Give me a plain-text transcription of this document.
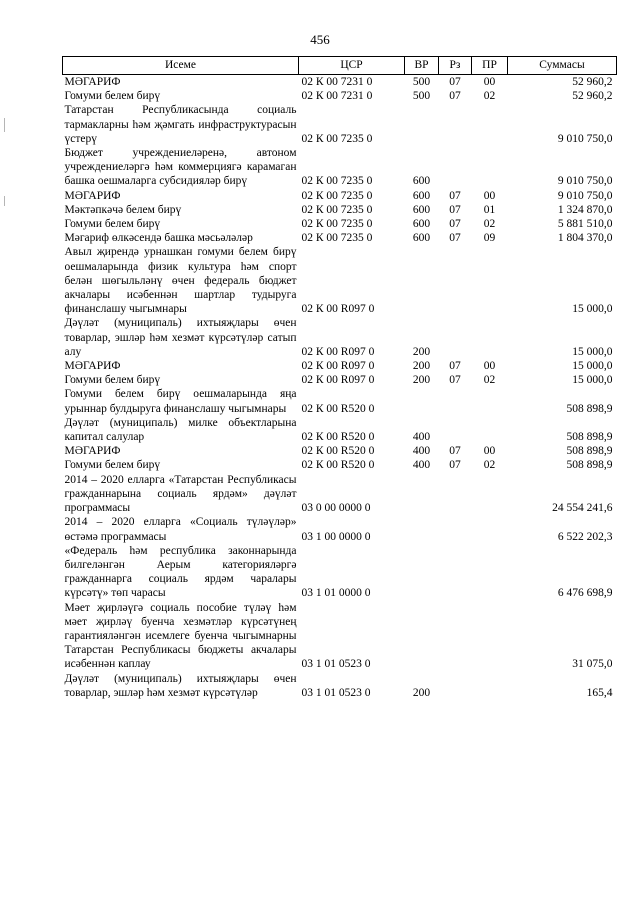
456
Исеме	ЦСР	ВР	Рз	ПР	Суммасы
МӘГАРИФ	02 К 00 7231 0	500	07	00	52 960,2
Гомуми белем бирү	02 К 00 7231 0	500	07	02	52 960,2
Татарстан Республикасында социаль тармакларны һәм җәмгать инфраструктурасын үстерү	02 К 00 7235 0				9 010 750,0
Бюджет учреждениеләренә, автоном учреждениеләргә һәм коммерциягә карамаган башка оешмаларга субсидияләр бирү	02 К 00 7235 0	600			9 010 750,0
МӘГАРИФ	02 К 00 7235 0	600	07	00	9 010 750,0
Мәктәпкәчә белем бирү	02 К 00 7235 0	600	07	01	1 324 870,0
Гомуми белем бирү	02 К 00 7235 0	600	07	02	5 881 510,0
Мәгариф өлкәсендә башка мәсьәләләр	02 К 00 7235 0	600	07	09	1 804 370,0
Авыл җирендә урнашкан гомуми белем бирү оешмаларында физик культура һәм спорт белән шөгыльләнү өчен федераль бюджет акчалары исәбеннән шартлар тудыруга финанслашу чыгымнары	02 К 00 R097 0				15 000,0
Дәүләт (муниципаль) ихтыяҗлары өчен товарлар, эшләр һәм хезмәт күрсәтүләр сатып алу	02 К 00 R097 0	200			15 000,0
МӘГАРИФ	02 К 00 R097 0	200	07	00	15 000,0
Гомуми белем бирү	02 К 00 R097 0	200	07	02	15 000,0
Гомуми белем бирү оешмаларында яңа урыннар булдыруга финанслашу чыгымнары	02 К 00 R520 0				508 898,9
Дәүләт (муниципаль) милке объектларына капитал салулар	02 К 00 R520 0	400			508 898,9
МӘГАРИФ	02 К 00 R520 0	400	07	00	508 898,9
Гомуми белем бирү	02 К 00 R520 0	400	07	02	508 898,9
2014 – 2020 елларга «Татарстан Республикасы гражданнарына социаль ярдәм» дәүләт программасы	03 0 00 0000 0				24 554 241,6
2014 – 2020 елларга «Социаль түләүләр» өстәмә программасы	03 1 00 0000 0				6 522 202,3
«Федераль һәм республика законнарында билгеләнгән Аерым категорияләргә гражданнарга социаль ярдәм чаралары күрсәтү» төп чарасы	03 1 01 0000 0				6 476 698,9
Мәет җирләүгә социаль пособие түләү һәм мәет җирләү буенча хезмәтләр күрсәтүнең гарантияләнгән исемлеге буенча чыгымнарны Татарстан Республикасы бюджеты акчалары исәбеннән каплау	03 1 01 0523 0				31 075,0
Дәүләт (муниципаль) ихтыяҗлары өчен товарлар, эшләр һәм хезмәт күрсәтүләр	03 1 01 0523 0	200			165,4
